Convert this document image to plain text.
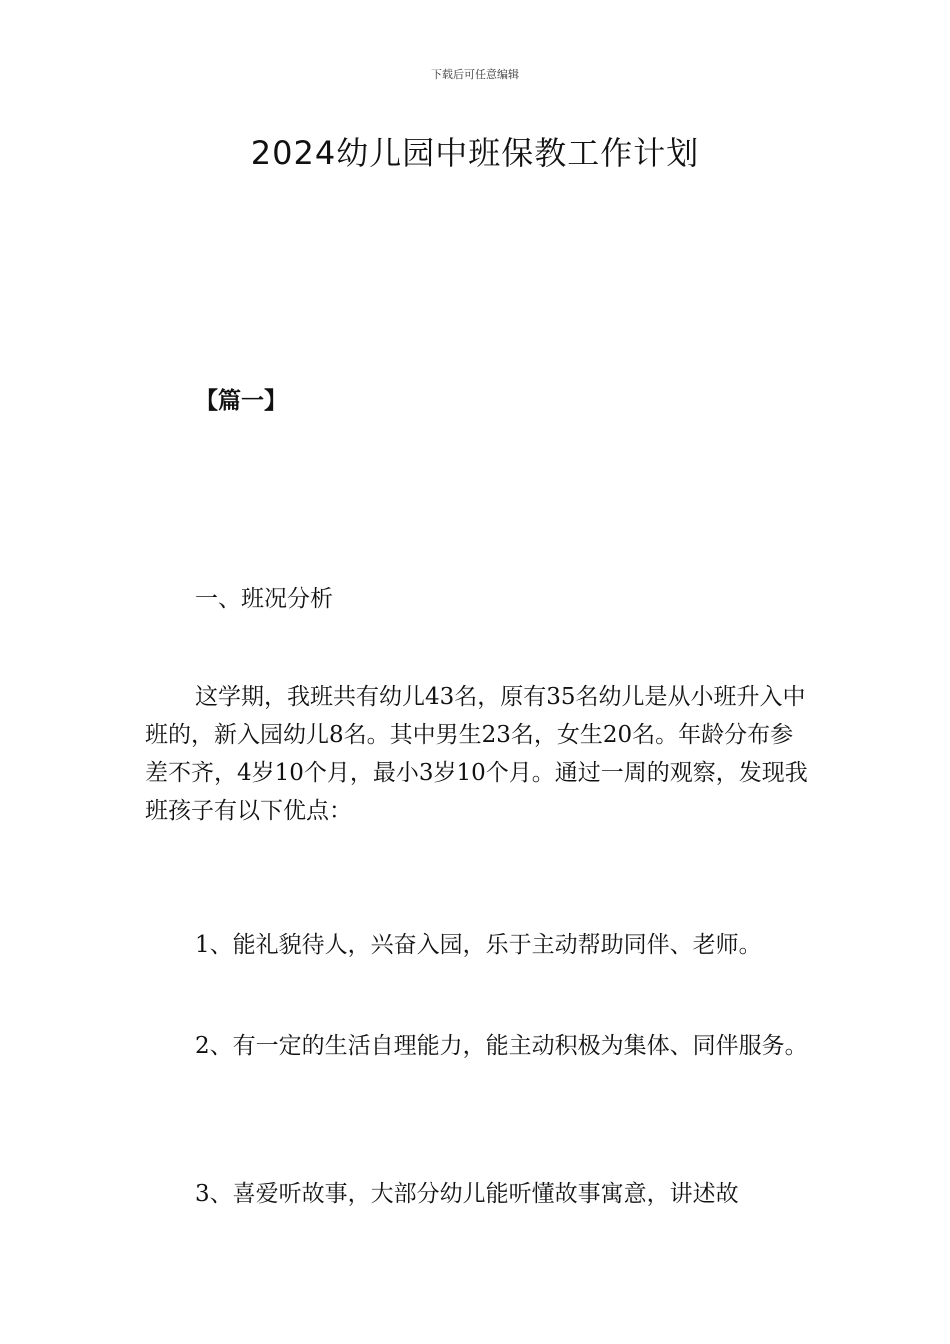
下载后可任意编辑
2024幼儿园中班保教工作计划
【篇一】

一、班况分析

这学期，我班共有幼儿43名，原有35名幼儿是从小班升入中班的，新入园幼儿8名。其中男生23名，女生20名。年龄分布参差不齐，4岁10个月，最小3岁10个月。通过一周的观察，发现我班孩子有以下优点：

1、能礼貌待人，兴奋入园，乐于主动帮助同伴、老师。

2、有一定的生活自理能力，能主动积极为集体、同伴服务。

3、喜爱听故事，大部分幼儿能听懂故事寓意，讲述故
